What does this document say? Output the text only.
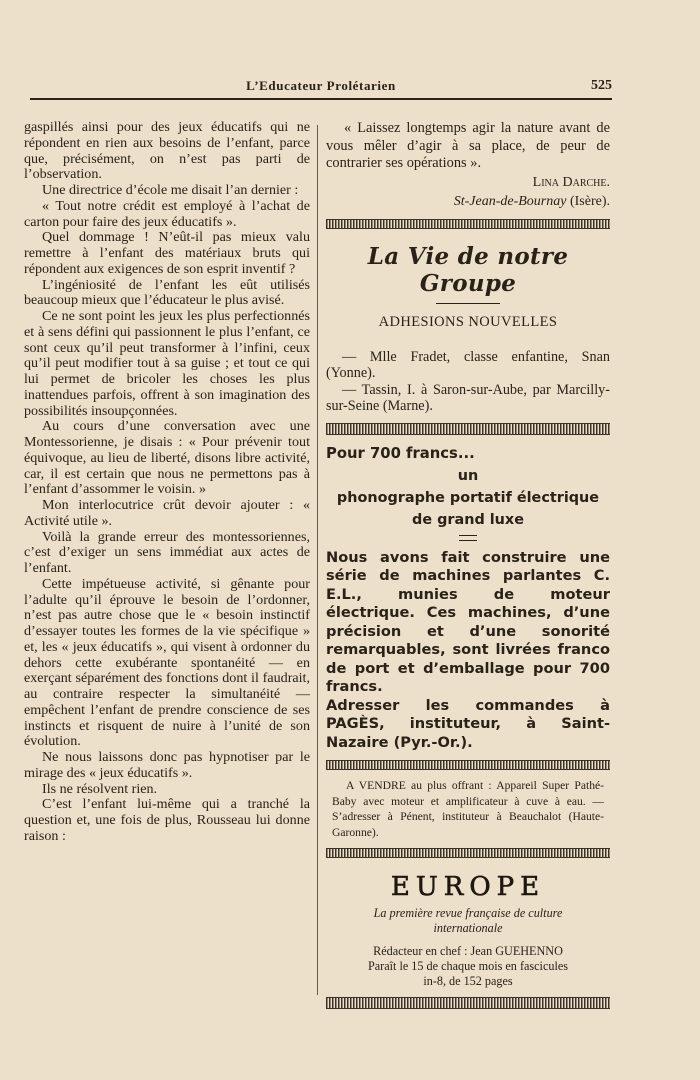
L’Educateur Prolétarien	525

gaspillés ainsi pour des jeux éducatifs qui ne répondent en rien aux besoins de l’enfant, parce que, précisément, on n’est pas parti de l’observation.

Une directrice d’école me disait l’an dernier :

« Tout notre crédit est employé à l’achat de carton pour faire des jeux éducatifs ».

Quel dommage ! N’eût-il pas mieux valu remettre à l’enfant des matériaux bruts qui répondent aux exigences de son esprit inventif ?

L’ingéniosité de l’enfant les eût utilisés beaucoup mieux que l’éducateur le plus avisé.

Ce ne sont point les jeux les plus perfectionnés et à sens défini qui passionnent le plus l’enfant, ce sont ceux qu’il peut transformer à l’infini, ceux qu’il peut modifier tout à sa guise ; et tout ce qui lui permet de bricoler les choses les plus inattendues parfois, offrent à son imagination des possibilités insoupçonnées.

Au cours d’une conversation avec une Montessorienne, je disais : « Pour prévenir tout équivoque, au lieu de liberté, disons libre activité, car, il est certain que nous ne permettons pas à l’enfant d’assommer le voisin. »

Mon interlocutrice crût devoir ajouter : « Activité utile ».

Voilà la grande erreur des montessoriennes, c’est d’exiger un sens immédiat aux actes de l’enfant.

Cette impétueuse activité, si gênante pour l’adulte qu’il éprouve le besoin de l’ordonner, n’est pas autre chose que le « besoin instinctif d’essayer toutes les formes de la vie spécifique » et, les « jeux éducatifs », qui visent à ordonner du dehors cette exubérante spontanéité — en exerçant séparément des fonctions dont il faudrait, au contraire respecter la simultanéité — empêchent l’enfant de prendre conscience de ses instincts et risquent de nuire à l’unité de son évolution.

Ne nous laissons donc pas hypnotiser par le mirage des « jeux éducatifs ».

Ils ne résolvent rien.

C’est l’enfant lui-même qui a tranché la question et, une fois de plus, Rousseau lui donne raison :

« Laissez longtemps agir la nature avant de vous mêler d’agir à sa place, de peur de contrarier ses opérations ».

Lina Darche.
St-Jean-de-Bournay (Isère).
La Vie de notre Groupe
ADHESIONS NOUVELLES

— Mlle Fradet, classe enfantine, Snan (Yonne).

— Tassin, I. à Saron-sur-Aube, par Marcilly-sur-Seine (Marne).

Pour 700 francs...

un

phonographe portatif électrique

de grand luxe

Nous avons fait construire une série de machines parlantes C. E.L., munies de moteur électrique. Ces machines, d’une précision et d’une sonorité remarquables, sont livrées franco de port et d’emballage pour 700 francs.

Adresser les commandes à PAGÈS, instituteur, à Saint-Nazaire (Pyr.-Or.).

A VENDRE au plus offrant : Appareil Super Pathé-Baby avec moteur et amplificateur à cuve à eau. — S’adresser à Pénent, instituteur à Beauchalot (Haute-Garonne).

EUROPE
La première revue française de culture
internationale
Rédacteur en chef : Jean GUEHENNO
Paraît le 15 de chaque mois en fascicules
in-8, de 152 pages
